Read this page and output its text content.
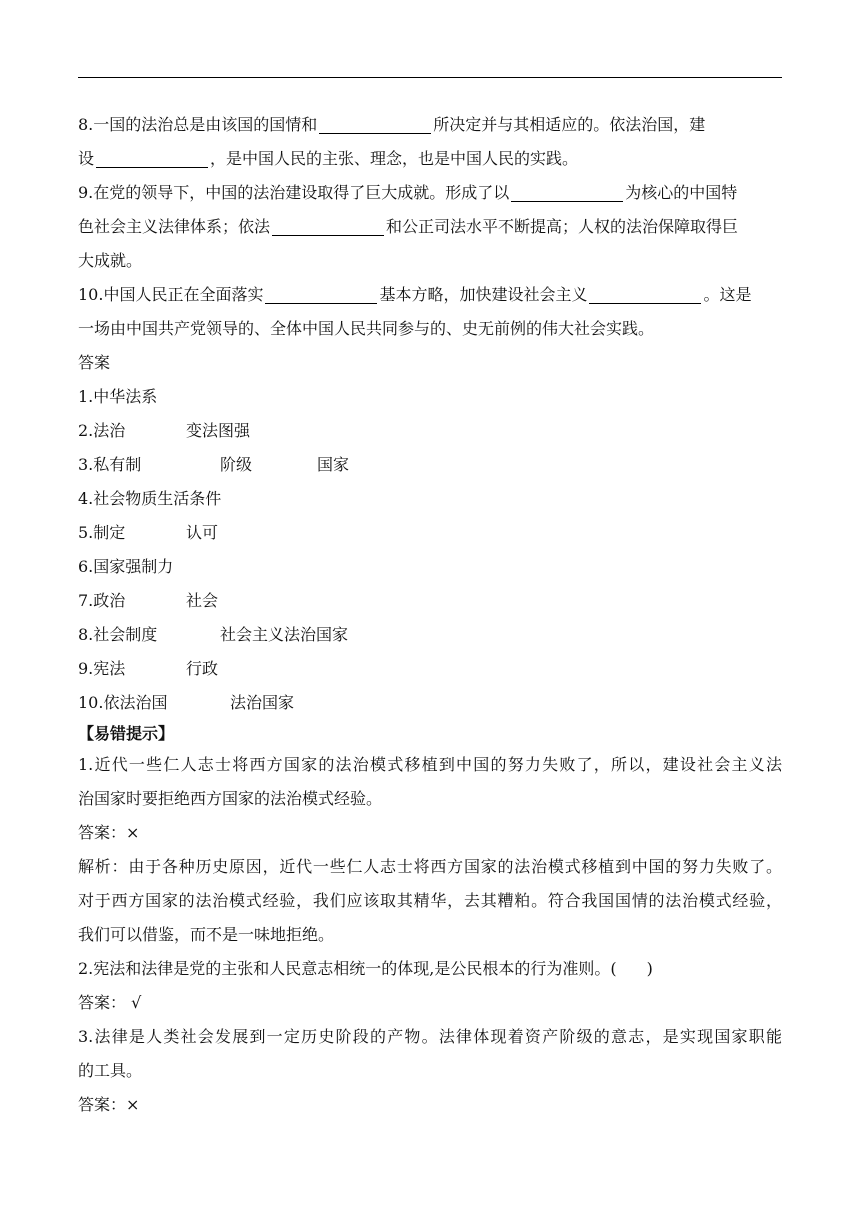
8.一国的法治总是由该国的国情和	所决定并与其相适应的。依法治国，建
设	，是中国人民的主张、理念，也是中国人民的实践。
9.在党的领导下，中国的法治建设取得了巨大成就。形成了以	为核心的中国特
色社会主义法律体系；依法	和公正司法水平不断提高；人权的法治保障取得巨
大成就。
10.中国人民正在全面落实	基本方略，加快建设社会主义	。这是
一场由中国共产党领导的、全体中国人民共同参与的、史无前例的伟大社会实践。
答案
1.中华法系
2.法治	变法图强
3.私有制	阶级	国家
4.社会物质生活条件
5.制定	认可
6.国家强制力
7.政治	社会
8.社会制度	社会主义法治国家
9.宪法	行政
10.依法治国	法治国家
【易错提示】
1.近代一些仁人志士将西方国家的法治模式移植到中国的努力失败了，所以，建设社会主义法
治国家时要拒绝西方国家的法治模式经验。
答案：×
解析：由于各种历史原因，近代一些仁人志士将西方国家的法治模式移植到中国的努力失败了。
对于西方国家的法治模式经验，我们应该取其精华，去其糟粕。符合我国国情的法治模式经验，
我们可以借鉴，而不是一味地拒绝。
2.宪法和法律是党的主张和人民意志相统一的体现,是公民根本的行为准则。( )
答案： √
3.法律是人类社会发展到一定历史阶段的产物。法律体现着资产阶级的意志，是实现国家职能
的工具。
答案：×
